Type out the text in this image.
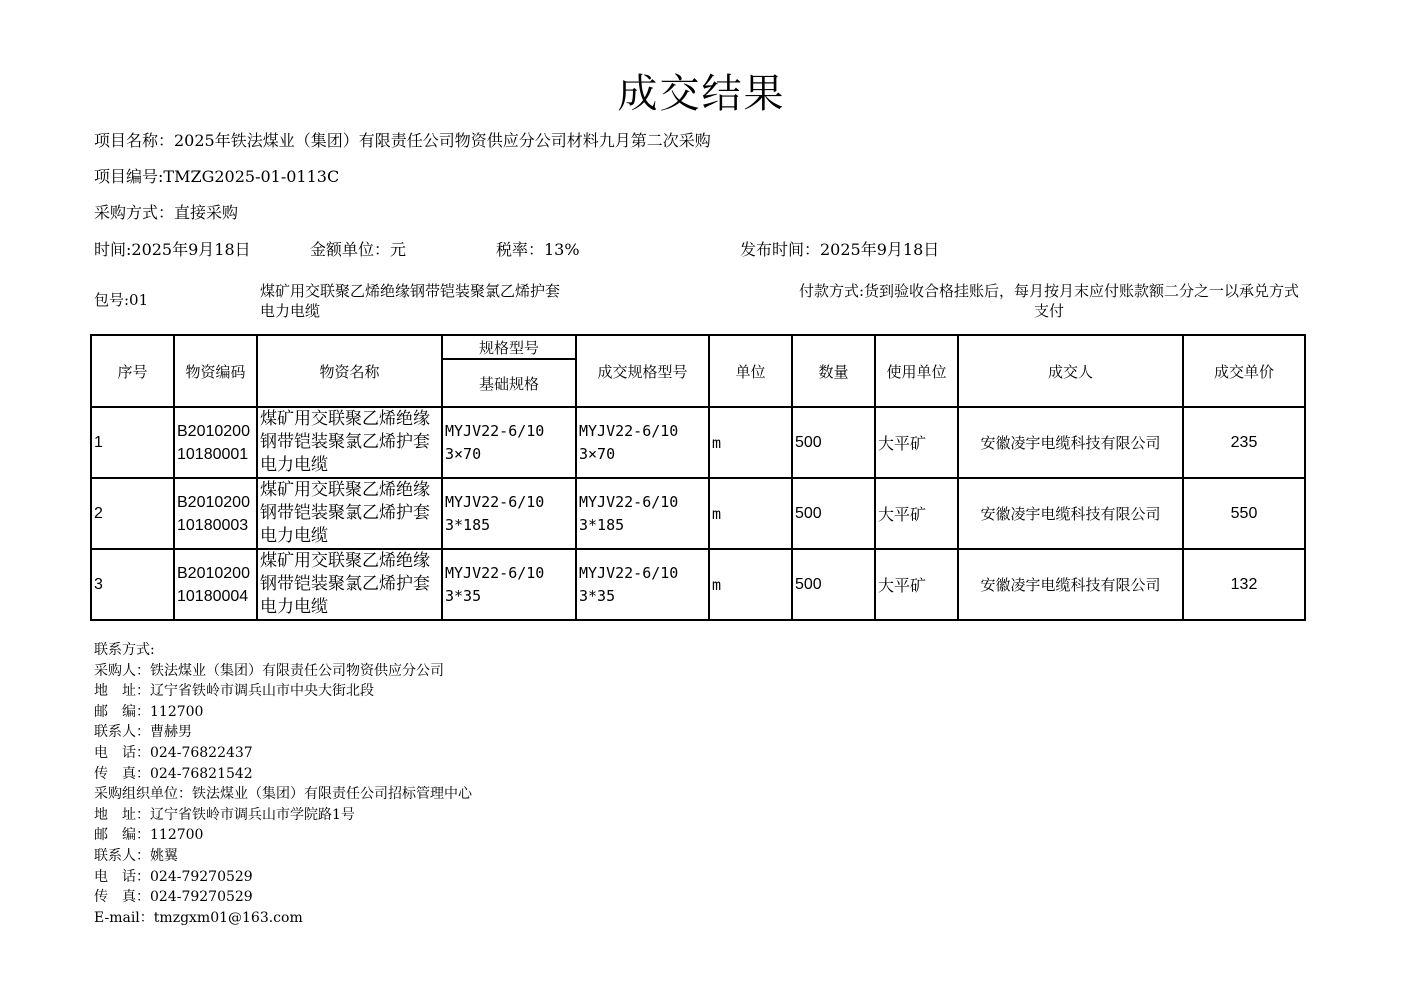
成交结果
项目名称：2025年铁法煤业（集团）有限责任公司物资供应分公司材料九月第二次采购
项目编号:TMZG2025-01-0113C
采购方式：直接采购
时间:2025年9月18日	金额单位：元	税率：13%	发布时间：2025年9月18日
包号:01	煤矿用交联聚乙烯绝缘钢带铠装聚氯乙烯护套电力电缆
付款方式:货到验收合格挂账后，每月按月末应付账款额二分之一以承兑方式支付
序号	物资编码	物资名称	规格型号	成交规格型号	单位	数量	使用单位	成交人	成交单价
			基础规格						
1	B2010200 10180001	煤矿用交联聚乙烯绝缘钢带铠装聚氯乙烯护套电力电缆	MYJV22-6/10 3×70	MYJV22-6/10 3×70	m	500	大平矿	安徽凌宇电缆科技有限公司	235
2	B2010200 10180003	煤矿用交联聚乙烯绝缘钢带铠装聚氯乙烯护套电力电缆	MYJV22-6/10 3*185	MYJV22-6/10 3*185	m	500	大平矿	安徽凌宇电缆科技有限公司	550
3	B2010200 10180004	煤矿用交联聚乙烯绝缘钢带铠装聚氯乙烯护套电力电缆	MYJV22-6/10 3*35	MYJV22-6/10 3*35	m	500	大平矿	安徽凌宇电缆科技有限公司	132
联系方式:
采购人：铁法煤业（集团）有限责任公司物资供应分公司
地　址：辽宁省铁岭市调兵山市中央大街北段
邮　编：112700
联系人：曹赫男
电　话：024-76822437
传　真：024-76821542
采购组织单位：铁法煤业（集团）有限责任公司招标管理中心
地　址：辽宁省铁岭市调兵山市学院路1号
邮　编：112700
联系人：姚翼
电　话：024-79270529
传　真：024-79270529
E-mail：tmzgxm01@163.com
